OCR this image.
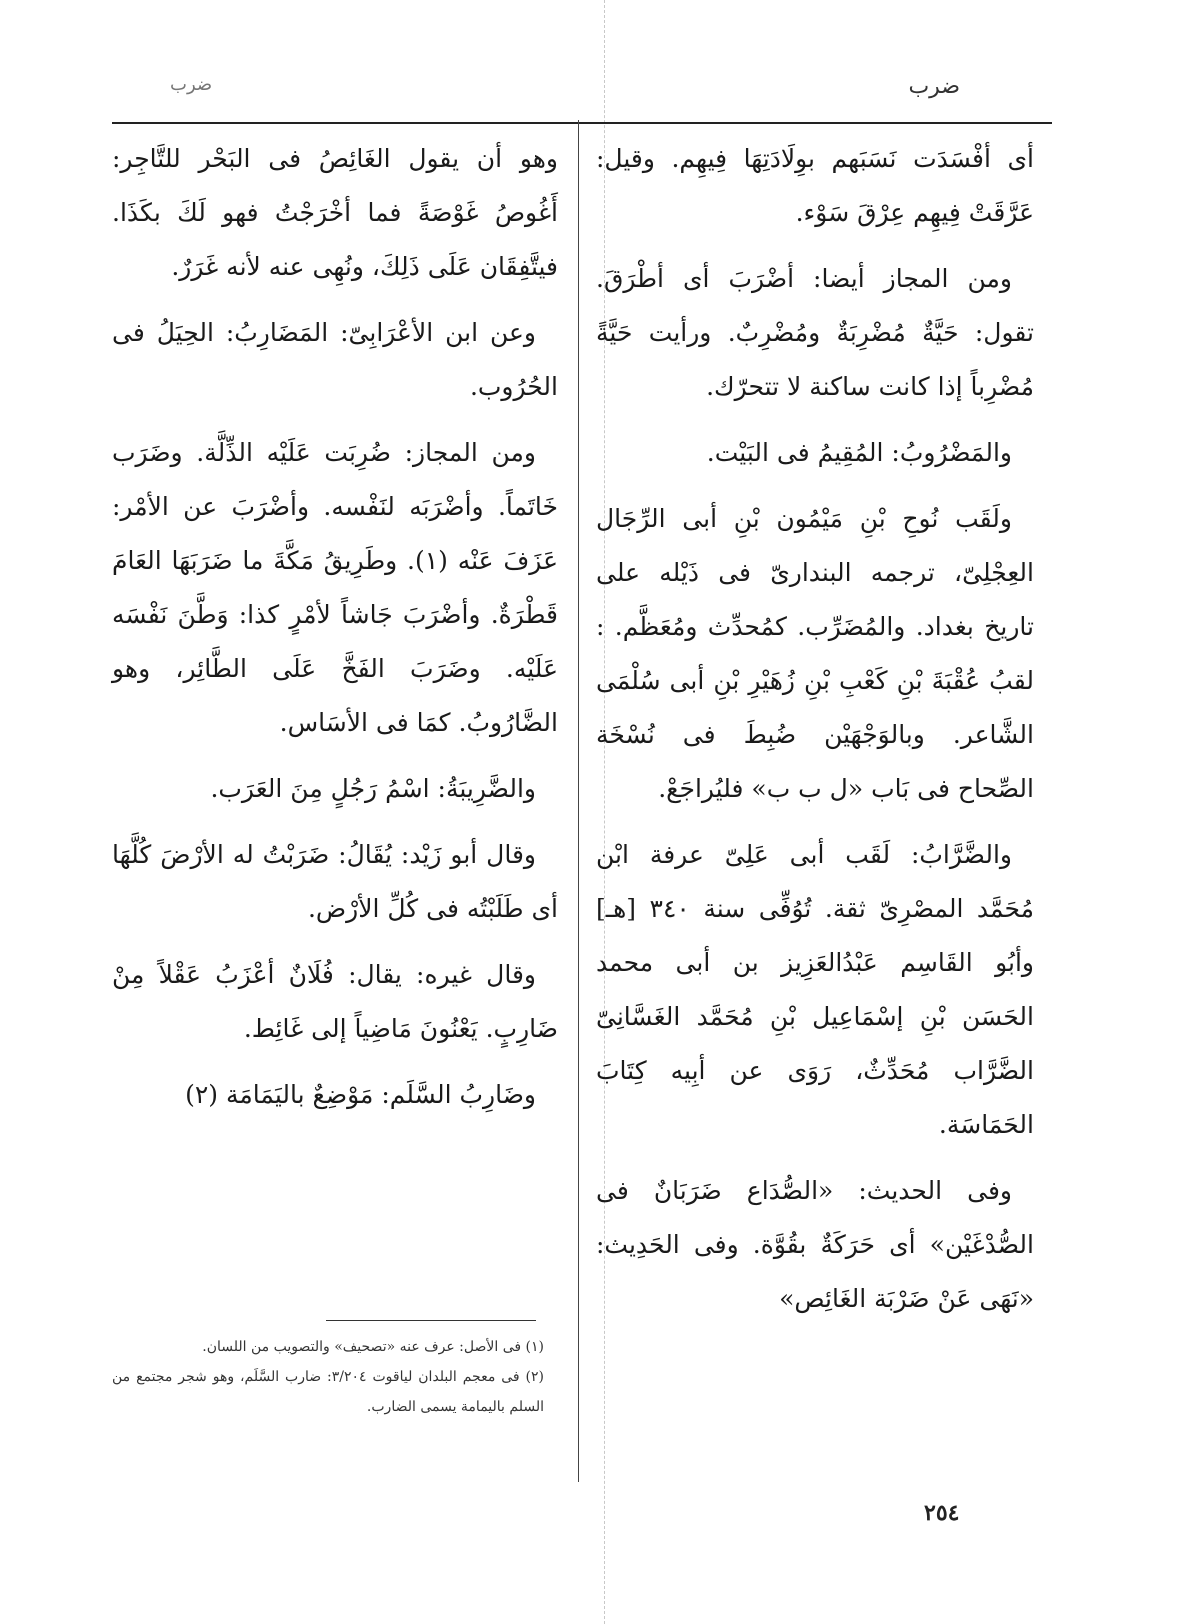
ضرب
ضرب

أى أفْسَدَت نَسَبَهم بوِلَادَتِهَا فِيهِم. وقيل: عَرَّقَتْ فِيهِم عِرْقَ سَوْء.

ومن المجاز أيضا: أضْرَبَ أى أطْرَقَ. تقول: حَيَّةٌ مُضْرِبَةٌ ومُضْرِبٌ. ورأيت حَيَّةً مُضْرِباً إذا كانت ساكنة لا تتحرّك.

والمَضْرُوبُ: المُقِيمُ فى البَيْت.

ولَقَب نُوحِ بْنِ مَيْمُون بْنِ أبى الرِّجَال العِجْلِىّ، ترجمه البندارىّ فى ذَيْله على تاريخ بغداد. والمُضَرِّب. كمُحدِّث ومُعَظَّم. : لقبُ عُقْبَةَ بْنِ كَعْبِ بْنِ زُهَيْرِ بْنِ أبى سُلْمَى الشَّاعر. وبالوَجْهَيْن ضُبِطَ فى نُسْخَة الصِّحاح فى بَاب «ل ب ب» فليُراجَعْ.

والضَّرَّابُ: لَقَب أبى عَلِىّ عرفة ابْن مُحَمَّد المصْرِىّ ثقة. تُوُفِّى سنة ٣٤٠ [هـ] وأبُو القَاسِم عَبْدُالعَزِيز بن أبى محمد الحَسَن بْنِ إسْمَاعِيل بْنِ مُحَمَّد الغَسَّانِىّ الضَّرَّاب مُحَدِّثٌ، رَوَى عن أبِيه كِتَابَ الحَمَاسَة.

وفى الحديث: «الصُّدَاع ضَرَبَانٌ فى الصُّدْغَيْن» أى حَرَكَةٌ بقُوَّة. وفى الحَدِيث: «نَهَى عَنْ ضَرْبَة الغَائِص»

وهو أن يقول الغَائِصُ فى البَحْر للتَّاجِر: أَغُوصُ غَوْصَةً فما أخْرَجْتُ فهو لَكَ بكَذَا. فيتَّفِقَان عَلَى ذَلِكَ، ونُهِى عنه لأنه غَرَرٌ.

وعن ابن الأعْرَابِىّ: المَضَارِبُ: الحِيَلُ فى الحُرُوب.

ومن المجاز: ضُرِبَت عَلَيْه الذِّلَّة. وضَرَب خَاتَماً. وأضْرَبَه لنَفْسه. وأضْرَبَ عن الأمْر: عَزَفَ عَنْه (١). وطَرِيقُ مَكَّةَ ما ضَرَبَهَا العَامَ قَطْرَةٌ. وأضْرَبَ جَاشاً لأمْرٍ كذا: وَطَّنَ نَفْسَه عَلَيْه. وضَرَبَ الفَخَّ عَلَى الطَّائِر، وهو الضَّارُوبُ. كمَا فى الأسَاس.

والضَّرِيبَةُ: اسْمُ رَجُلٍ مِنَ العَرَب.

وقال أبو زَيْد: يُقَالُ: ضَرَبْتُ له الأرْضَ كُلَّهَا أى طَلَبْتُه فى كُلِّ الأرْض.

وقال غيره: يقال: فُلَانٌ أعْزَبُ عَقْلاً مِنْ ضَارِبٍ. يَعْنُونَ مَاضِياً إلى غَائِط.

وضَارِبُ السَّلَم: مَوْضِعٌ باليَمَامَة (٢)

(١) فى الأصل: عرف عنه «تصحيف» والتصويب من اللسان.

(٢) فى معجم البلدان لياقوت ٣/٢٠٤: ضارب السَّلَم، وهو شجر مجتمع من السلم باليمامة يسمى الضارب.

٢٥٤
